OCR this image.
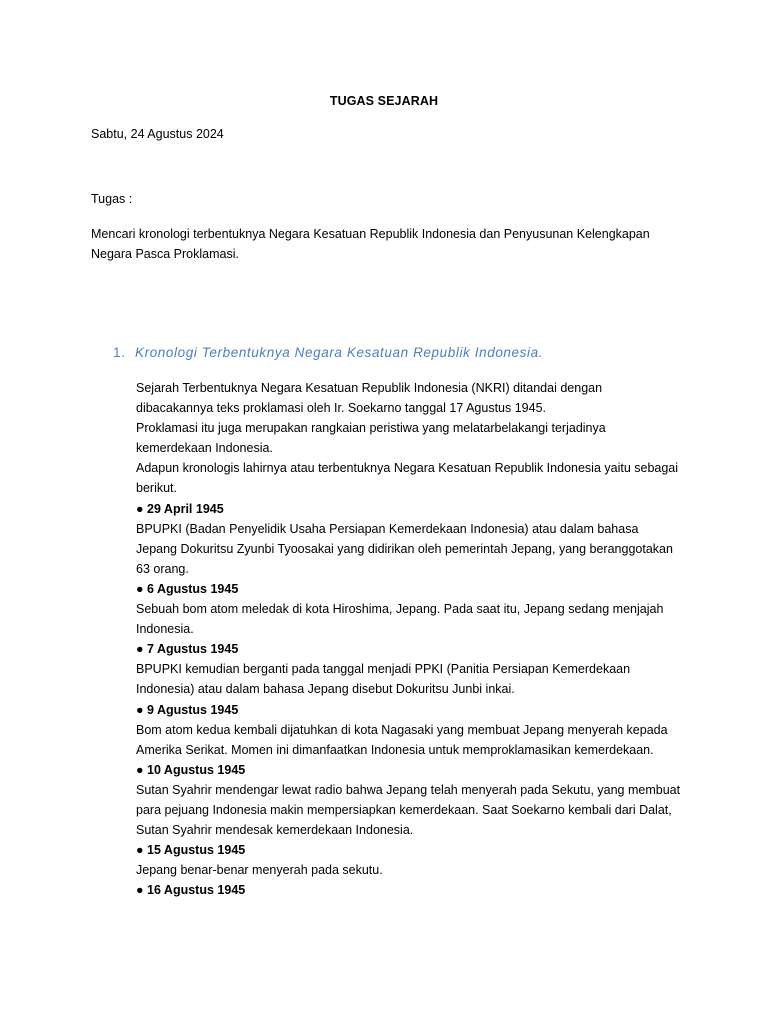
TUGAS SEJARAH
Sabtu, 24 Agustus 2024
Tugas :
Mencari kronologi terbentuknya Negara Kesatuan Republik Indonesia dan Penyusunan Kelengkapan Negara Pasca Proklamasi.
1. Kronologi Terbentuknya Negara Kesatuan Republik Indonesia.

Sejarah Terbentuknya Negara Kesatuan Republik Indonesia (NKRI) ditandai dengan dibacakannya teks proklamasi oleh Ir. Soekarno tanggal 17 Agustus 1945.

Proklamasi itu juga merupakan rangkaian peristiwa yang melatarbelakangi terjadinya kemerdekaan Indonesia.

Adapun kronologis lahirnya atau terbentuknya Negara Kesatuan Republik Indonesia yaitu sebagai berikut.

● 29 April 1945

BPUPKI (Badan Penyelidik Usaha Persiapan Kemerdekaan Indonesia) atau dalam bahasa Jepang Dokuritsu Zyunbi Tyoosakai yang didirikan oleh pemerintah Jepang, yang beranggotakan 63 orang.

● 6 Agustus 1945

Sebuah bom atom meledak di kota Hiroshima, Jepang. Pada saat itu, Jepang sedang menjajah Indonesia.

● 7 Agustus 1945

BPUPKI kemudian berganti pada tanggal menjadi PPKI (Panitia Persiapan Kemerdekaan Indonesia) atau dalam bahasa Jepang disebut Dokuritsu Junbi inkai.

● 9 Agustus 1945

Bom atom kedua kembali dijatuhkan di kota Nagasaki yang membuat Jepang menyerah kepada Amerika Serikat. Momen ini dimanfaatkan Indonesia untuk memproklamasikan kemerdekaan.

● 10 Agustus 1945

Sutan Syahrir mendengar lewat radio bahwa Jepang telah menyerah pada Sekutu, yang membuat para pejuang Indonesia makin mempersiapkan kemerdekaan. Saat Soekarno kembali dari Dalat, Sutan Syahrir mendesak kemerdekaan Indonesia.

● 15 Agustus 1945

Jepang benar-benar menyerah pada sekutu.

● 16 Agustus 1945
